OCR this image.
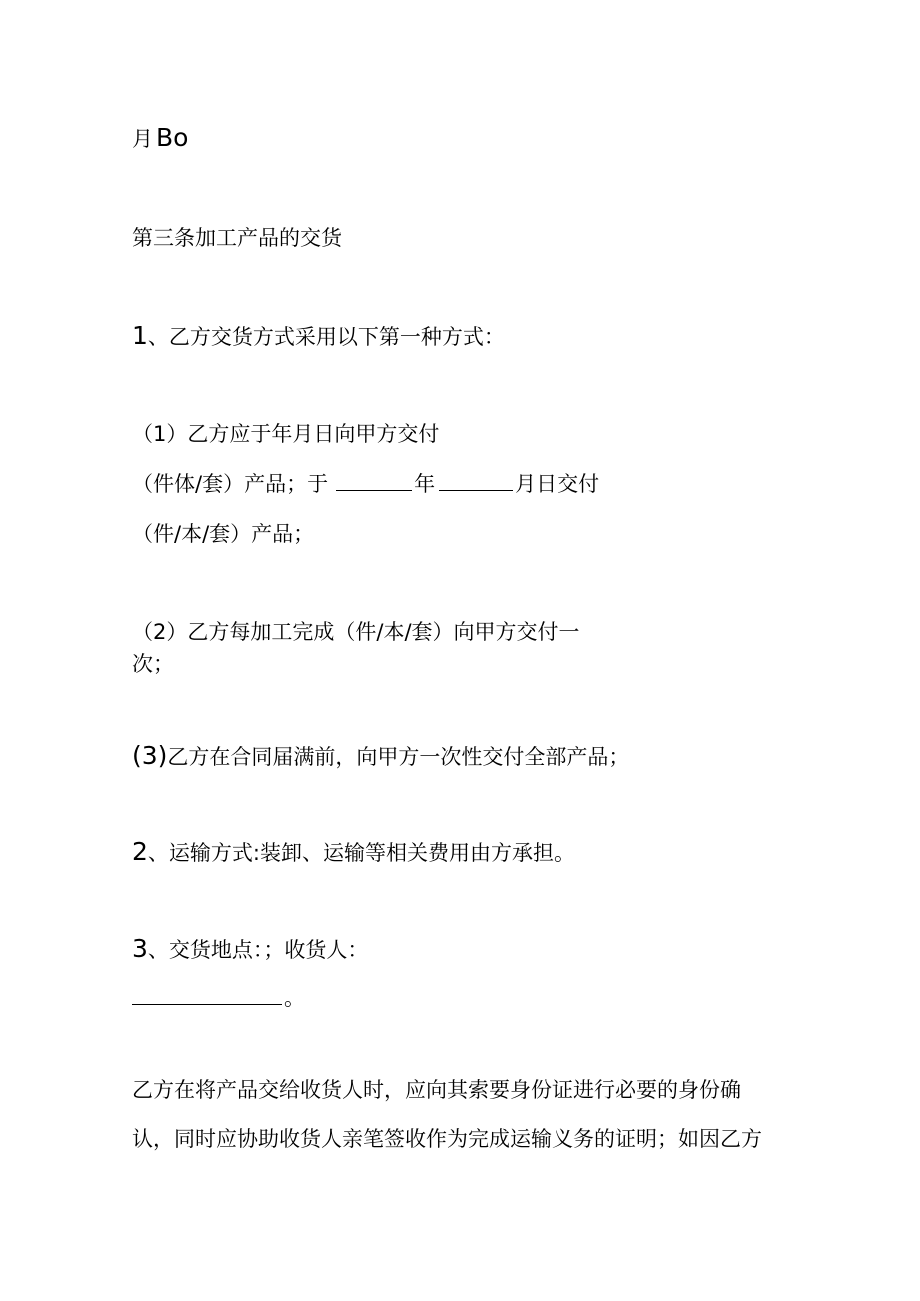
月 Bo
第三条加工产品的交货
1、乙方交货方式采用以下第一种方式：
（1）乙方应于年月日向甲方交付
（件体/套）产品；于	年	月日交付
（件/本/套）产品；
（2）乙方每加工完成（件/本/套）向甲方交付一
次；
(3)乙方在合同届满前，向甲方一次性交付全部产品；
2、运输方式:装卸、运输等相关费用由方承担。
3、交货地点：；收货人：
。
乙方在将产品交给收货人时，应向其索要身份证进行必要的身份确
认，同时应协助收货人亲笔签收作为完成运输义务的证明；如因乙方
